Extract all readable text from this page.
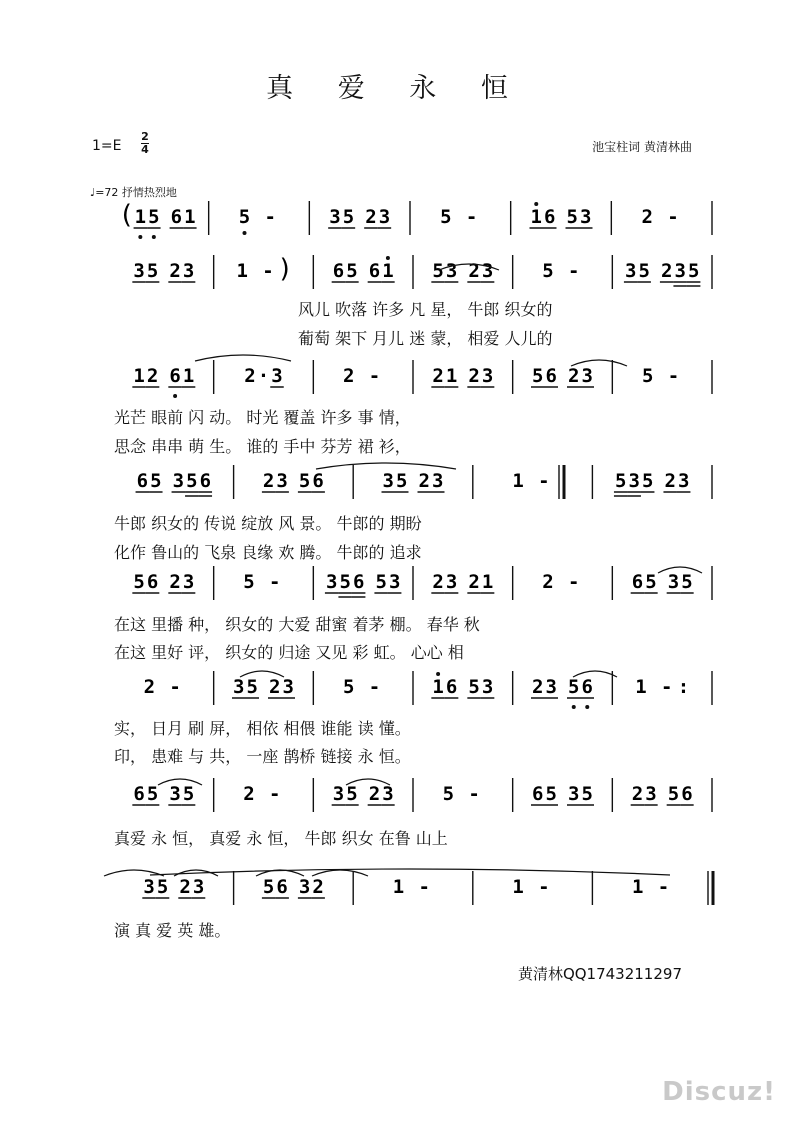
真 爱 永 恒
$1=E \frac{2}{4}$	池宝柱词 黄清林曲
♩=72 抒情热烈地
( 1 5 6 1 5 -	3 5 2 3	5 -	1 6 5 3	2 -
3 5 2 3 1 - ) 6 5 6 1 5 3 2 3	5 - 3 5 2 3 5
1 2 6 1	2 · 3	2 -	2 1 2 3 5 6 2 3	5 -
6 5 3 5 6	2 3 5 6	3 5 2 3	1 -	5 3 5 2 3
5 6 2 3	5 - 3 5 6 5 3 2 3 2 1	2 -	6 5 3 5
2 -	3 5 2 3	5 -	1 6 5 3 2 3 5 6 1 - :
6 5 3 5	2 -	3 5 2 3	5 -	6 5 3 5 2 3 5 6
3 5 2 3	5 6 3 2	1 -	1 -	1 -
风儿 吹落 许多 凡 星， 牛郎 织女的
葡萄 架下 月儿 迷 蒙， 相爱 人儿的
光芒 眼前 闪 动。 时光 覆盖 许多 事 情，
思念 串串 萌 生。 谁的 手中 芬芳 裙 衫，
牛郎 织女的 传说 绽放 风 景。 牛郎的 期盼
化作 鲁山的 飞泉 良缘 欢 腾。 牛郎的 追求
在这 里播 种， 织女的 大爱 甜蜜 着茅 棚。 春华 秋
在这 里好 评， 织女的 归途 又见 彩 虹。 心心 相
实， 日月 刷 屏， 相依 相偎 谁能 读 懂。
印， 患难 与 共， 一座 鹊桥 链接 永 恒。
真爱 永 恒， 真爱 永 恒， 牛郎 织女 在鲁 山上
演 真 爱 英 雄。
黄清林QQ1743211297
Discuz!
